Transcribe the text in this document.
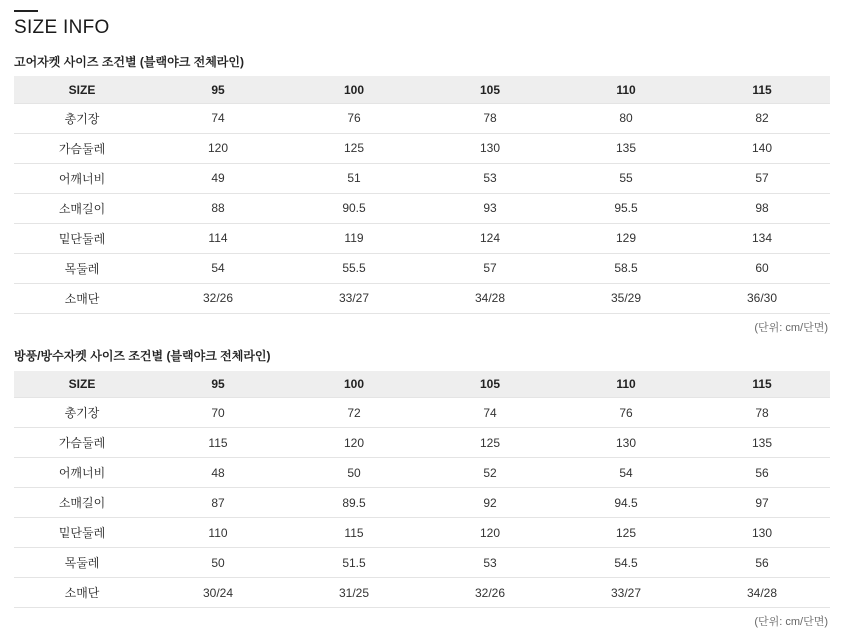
SIZE INFO
고어자켓 사이즈 조건별 (블랙야크 전체라인)
SIZE	95	100	105	110	115
총기장	74	76	78	80	82
가슴둘레	120	125	130	135	140
어깨너비	49	51	53	55	57
소매길이	88	90.5	93	95.5	98
밑단둘레	114	119	124	129	134
목둘레	54	55.5	57	58.5	60
소매단	32/26	33/27	34/28	35/29	36/30
(단위: cm/단면)
방풍/방수자켓 사이즈 조건별 (블랙야크 전체라인)
SIZE	95	100	105	110	115
총기장	70	72	74	76	78
가슴둘레	115	120	125	130	135
어깨너비	48	50	52	54	56
소매길이	87	89.5	92	94.5	97
밑단둘레	110	115	120	125	130
목둘레	50	51.5	53	54.5	56
소매단	30/24	31/25	32/26	33/27	34/28
(단위: cm/단면)
